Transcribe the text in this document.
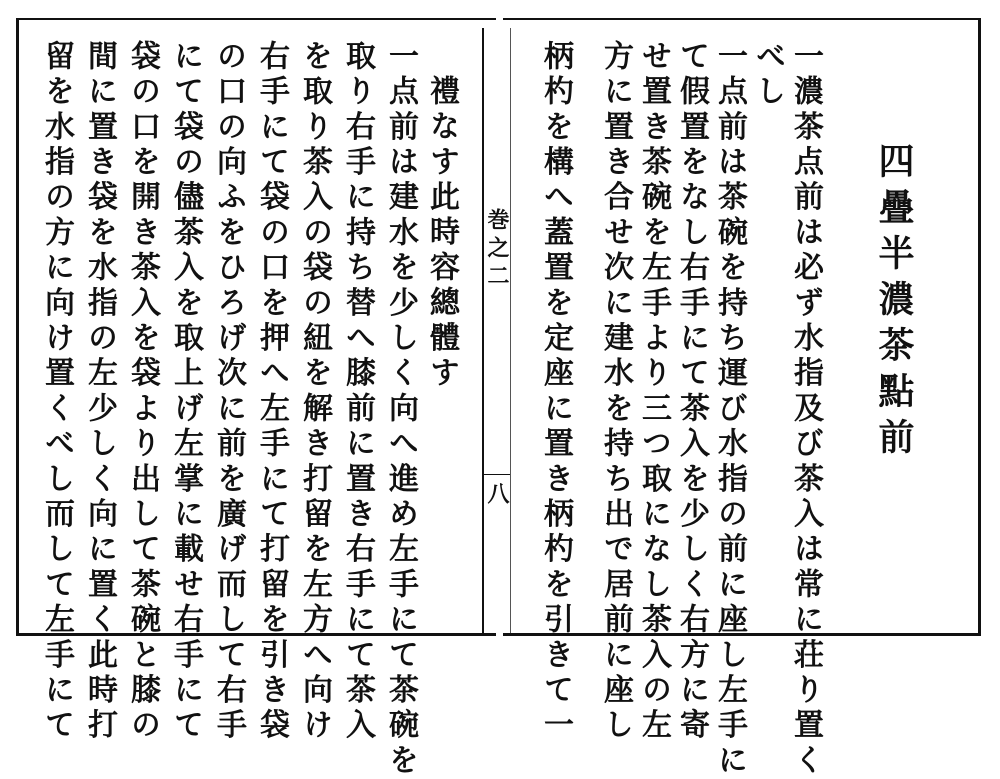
巻之二
八
四疊半濃茶點前
一濃茶点前は必ず水指及び茶入は常に荘り置く
べし
一点前は茶碗を持ち運び水指の前に座し左手に
て假置をなし右手にて茶入を少しく右方に寄
せ置き茶碗を左手より三つ取になし茶入の左
方に置き合せ次に建水を持ち出で居前に座し
柄杓を構へ蓋置を定座に置き柄杓を引きて一
禮なす此時容總體す
一点前は建水を少しく向へ進め左手にて茶碗を
取り右手に持ち替へ膝前に置き右手にて茶入
を取り茶入の袋の紐を解き打留を左方へ向け
右手にて袋の口を押へ左手にて打留を引き袋
の口の向ふをひろげ次に前を廣げ而して右手
にて袋の儘茶入を取上げ左掌に載せ右手にて
袋の口を開き茶入を袋より出して茶碗と膝の
間に置き袋を水指の左少しく向に置く此時打
留を水指の方に向け置くべし而して左手にて
